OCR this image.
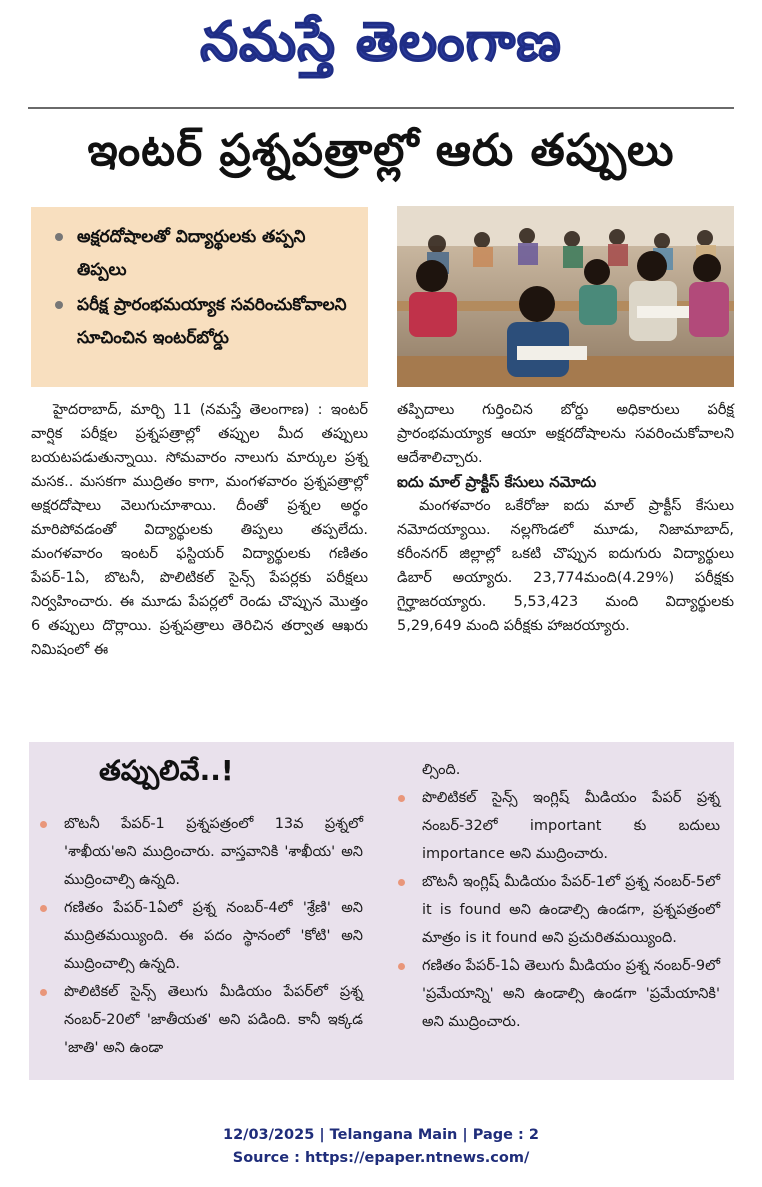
నమస్తే తెలంగాణ
ఇంటర్ ప్రశ్నపత్రాల్లో ఆరు తప్పులు
అక్షరదోషాలతో విద్యార్థులకు తప్పని తిప్పలు
పరీక్ష ప్రారంభమయ్యాక సవరించుకోవాలని సూచించిన ఇంటర్‌బోర్డు

హైదరాబాద్, మార్చి 11 (నమస్తే తెలంగాణ) : ఇంటర్ వార్షిక పరీక్షల ప్రశ్నపత్రాల్లో తప్పుల మీద తప్పులు బయటపడుతున్నాయి. సోమవారం నాలుగు మార్కుల ప్రశ్న మసక.. మసకగా ముద్రితం కాగా, మంగళవారం ప్రశ్నపత్రాల్లో అక్షరదోషాలు వెలుగుచూశాయి. దీంతో ప్రశ్నల అర్థం మారిపోవడంతో విద్యార్థులకు తిప్పలు తప్పలేదు. మంగళవారం ఇంటర్ ఫస్టియర్ విద్యార్థులకు గణితం పేపర్-1ఏ, బొటనీ, పొలిటికల్ సైన్స్ పేపర్లకు పరీక్షలు నిర్వహించారు. ఈ మూడు పేపర్లలో రెండు చొప్పున మొత్తం 6 తప్పులు దొర్లాయి. ప్రశ్నపత్రాలు తెరిచిన తర్వాత ఆఖరు నిమిషంలో ఈ

తప్పిదాలు గుర్తించిన బోర్డు అధికారులు పరీక్ష ప్రారంభమయ్యాక ఆయా అక్షరదోషాలను సవరించుకోవాలని ఆదేశాలిచ్చారు.

ఐదు మాల్ ప్రాక్టీస్ కేసులు నమోదు

మంగళవారం ఒకేరోజు ఐదు మాల్ ప్రాక్టీస్ కేసులు నమోదయ్యాయి. నల్లగొండలో మూడు, నిజామాబాద్, కరీంనగర్ జిల్లాల్లో ఒకటి చొప్పున ఐదుగురు విద్యార్థులు డిబార్ అయ్యారు. 23,774మంది(4.29%) పరీక్షకు గైర్హాజరయ్యారు. 5,53,423 మంది విద్యార్థులకు 5,29,649 మంది పరీక్షకు హాజరయ్యారు.

తప్పులివే..!
బొటనీ పేపర్-1 ప్రశ్నపత్రంలో 13వ ప్రశ్నలో 'శాఖీయ'అని ముద్రించారు. వాస్తవానికి 'శాఖీయ' అని ముద్రించాల్సి ఉన్నది.
గణితం పేపర్-1ఏలో ప్రశ్న నంబర్-4లో 'శ్రేణి' అని ముద్రితమయ్యింది. ఈ పదం స్థానంలో 'కోటి' అని ముద్రించాల్సి ఉన్నది.
పొలిటికల్ సైన్స్ తెలుగు మీడియం పేపర్‌లో ప్రశ్న నంబర్-20లో 'జాతీయత' అని పడింది. కానీ ఇక్కడ 'జాతి' అని ఉండా
ల్సింది.
పొలిటికల్ సైన్స్ ఇంగ్లిష్ మీడియం పేపర్ ప్రశ్న నంబర్-32లో important కు బదులు importance అని ముద్రించారు.
బొటనీ ఇంగ్లిష్ మీడియం పేపర్-1లో ప్రశ్న నంబర్-5లో it is found అని ఉండాల్సి ఉండగా, ప్రశ్నపత్రంలో మాత్రం is it found అని ప్రచురితమయ్యింది.
గణితం పేపర్-1ఏ తెలుగు మీడియం ప్రశ్న నంబర్-9లో 'ప్రమేయాన్ని' అని ఉండాల్సి ఉండగా 'ప్రమేయానికి' అని ముద్రించారు.
12/03/2025 | Telangana Main | Page : 2
Source : https://epaper.ntnews.com/
